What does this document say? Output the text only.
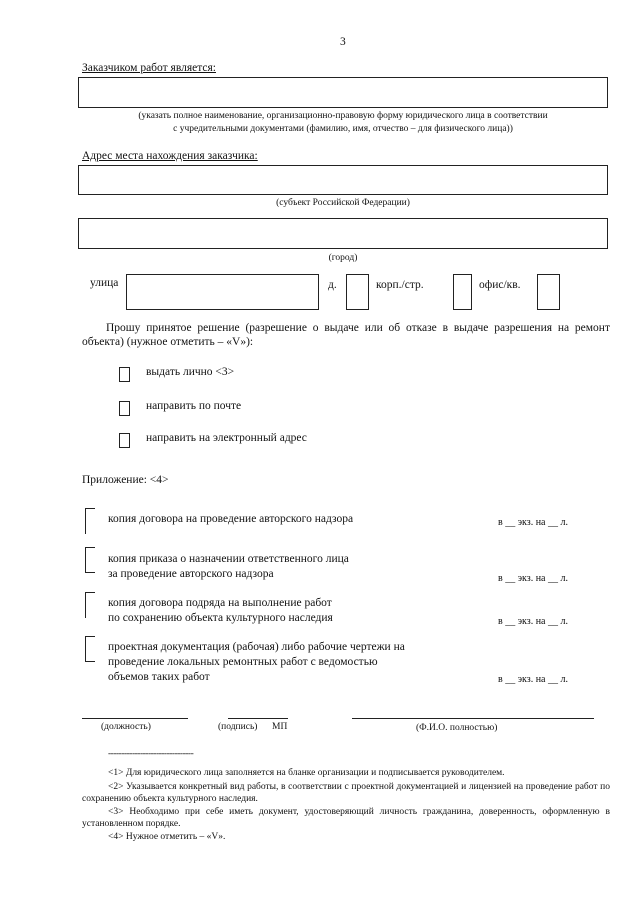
3
Заказчиком работ является:
(указать полное наименование, организационно-правовую форму юридического лица в соответствии
с учредительными документами (фамилию, имя, отчество – для физического лица))
Адрес места нахождения заказчика:
(субъект Российской Федерации)
(город)
улица	д.	корп./стр.	офис/кв.
Прошу принятое решение (разрешение о выдаче или об отказе в выдаче разрешения на ремонт
объекта) (нужное отметить – «V»):
выдать лично <3>
направить по почте
направить на электронный адрес
Приложение: <4>
копия договора на проведение авторского надзора	в __ экз. на __ л.
копия приказа о назначении ответственного лица
за проведение авторского надзора	в __ экз. на __ л.
копия договора подряда на выполнение работ
по сохранению объекта культурного наследия	в __ экз. на __ л.
проектная документация (рабочая) либо рабочие чертежи на
проведение локальных ремонтных работ с ведомостью
объемов таких работ	в __ экз. на __ л.
(должность)	(подпись) МП	(Ф.И.О. полностью)
--------------------------------
<1> Для юридического лица заполняется на бланке организации и подписывается руководителем.
<2> Указывается конкретный вид работы, в соответствии с проектной документацией и лицензией на проведение работ по сохранению объекта культурного наследия.
<3> Необходимо при себе иметь документ, удостоверяющий личность гражданина, доверенность, оформленную в установленном порядке.
<4> Нужное отметить – «V».
